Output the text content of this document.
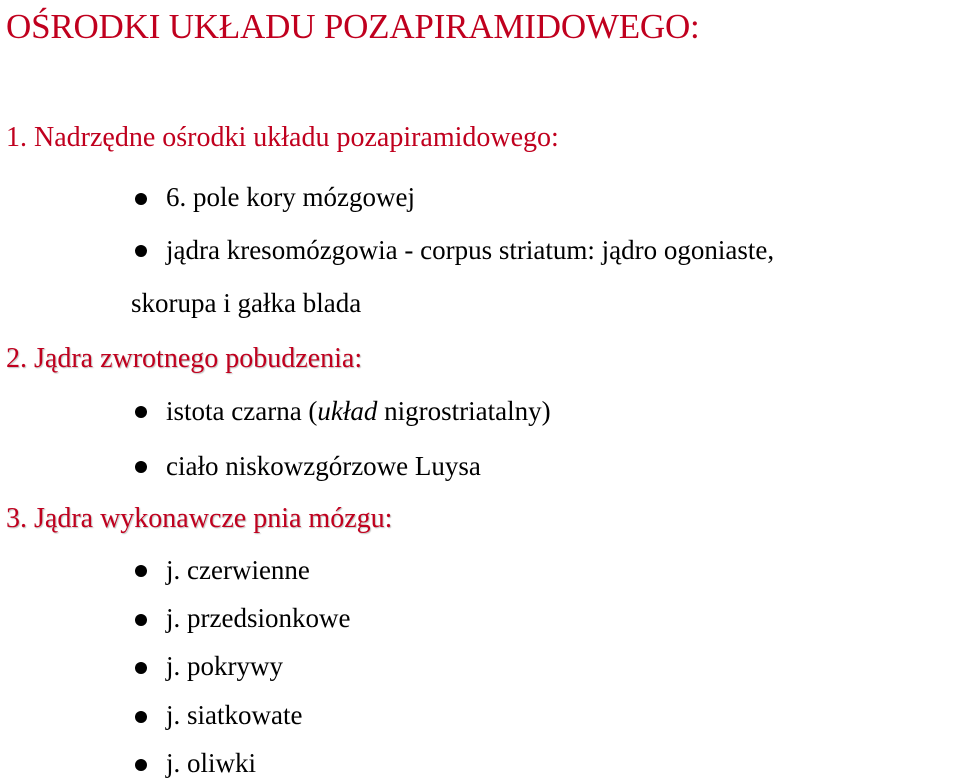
OŚRODKI UKŁADU POZAPIRAMIDOWEGO:
1. Nadrzędne ośrodki układu pozapiramidowego:
6. pole kory mózgowej
jądra kresomózgowia - corpus striatum: jądro ogoniaste,
skorupa i gałka blada
2. Jądra zwrotnego pobudzenia:
istota czarna (układ nigrostriatalny)
ciało niskowzgórzowe Luysa
3. Jądra wykonawcze pnia mózgu:
j. czerwienne
j. przedsionkowe
j. pokrywy
j. siatkowate
j. oliwki
